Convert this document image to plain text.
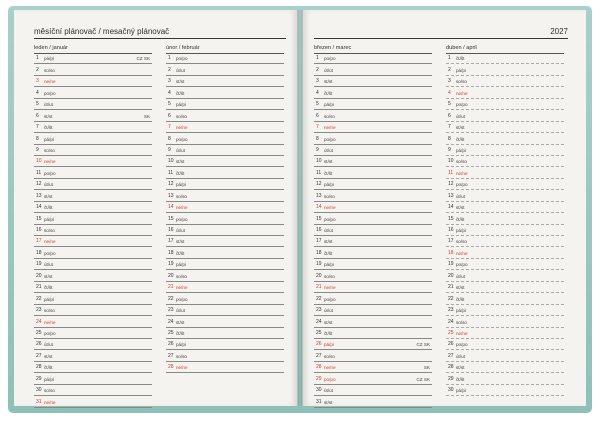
měsíční plánovač / mesačný plánovač	2027
leden / január
1 pá/pi	CZ SK
2 so/so
3 ne/ne
4 po/po
5 út/ut
6 st/st	SK
7 čt/št
8 pá/pi
9 so/so
10 ne/ne
11 po/po
12 út/ut
13 st/st
14 čt/št
15 pá/pi
16 so/so
17 ne/ne
18 po/po
19 út/ut
20 st/st
21 čt/št
22 pá/pi
23 so/so
24 ne/ne
25 po/po
26 út/ut
27 st/st
28 čt/št
29 pá/pi
30 so/so
31 ne/ne
únor / február
1 po/po
2 út/ut
3 st/st
4 čt/št
5 pá/pi
6 so/so
7 ne/ne
8 po/po
9 út/ut
10 st/st
11 čt/št
12 pá/pi
13 so/so
14 ne/ne
15 po/po
16 út/ut
17 st/st
18 čt/št
19 pá/pi
20 so/so
21 ne/ne
22 po/po
23 út/ut
24 st/st
25 čt/št
26 pá/pi
27 so/so
28 ne/ne
březen / marec
1 po/po
2 út/ut
3 st/st
4 čt/št
5 pá/pi
6 so/so
7 ne/ne
8 po/po
9 út/ut
10 st/st
11 čt/št
12 pá/pi
13 so/so
14 ne/ne
15 po/po
16 út/ut
17 st/st
18 čt/št
19 pá/pi
20 so/so
21 ne/ne
22 po/po
23 út/ut
24 st/st
25 čt/št
26 pá/pi	CZ SK
27 so/so
28 ne/ne	SK
29 po/po	CZ SK
30 út/ut
31 st/st
duben / april
1 čt/št
2 pá/pi
3 so/so
4 ne/ne
5 po/po
6 út/ut
7 st/st
8 čt/št
9 pá/pi
10 so/so
11 ne/ne
12 po/po
13 út/ut
14 st/st
15 čt/št
16 pá/pi
17 so/so
18 ne/ne
19 po/po
20 út/ut
21 st/st
22 čt/št
23 pá/pi
24 so/so
25 ne/ne
26 po/po
27 út/ut
28 st/st
29 čt/št
30 pá/pi
